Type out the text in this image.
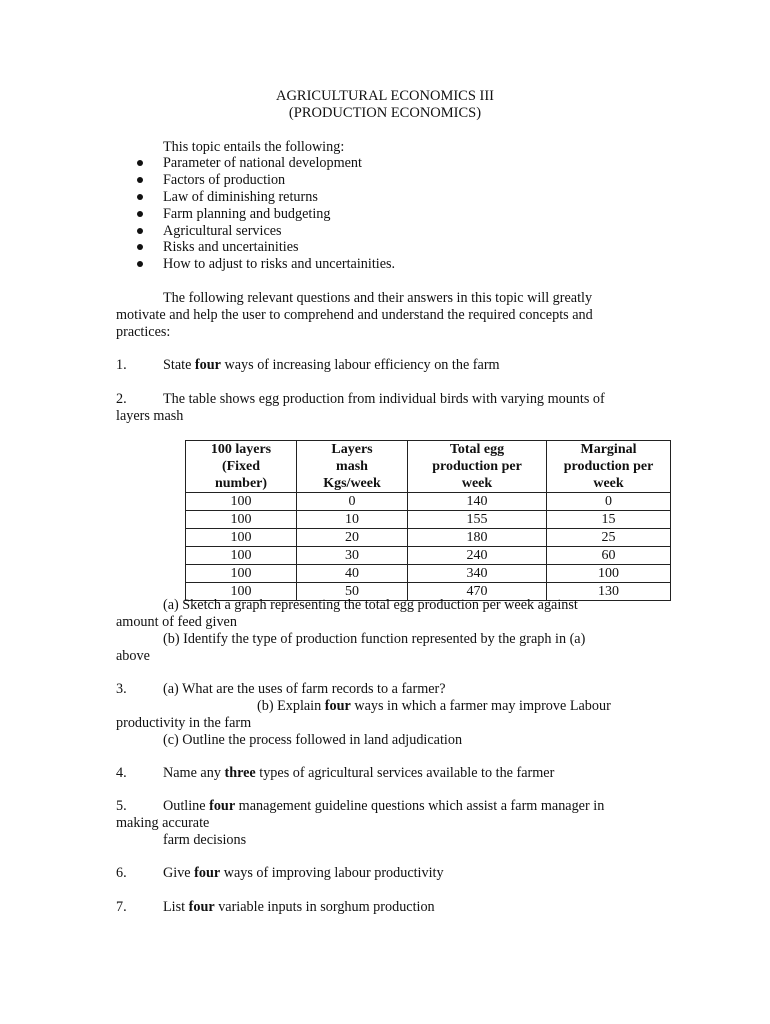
AGRICULTURAL ECONOMICS III
(PRODUCTION ECONOMICS)
This topic entails the following:
Parameter of national development
Factors of production
Law of diminishing returns
Farm planning and budgeting
Agricultural services
Risks and uncertainities
How to adjust to risks and uncertainities.
The following relevant questions and their answers in this topic will greatly
motivate and help the user to comprehend and understand the required concepts and
practices:
1.	State four ways of increasing labour efficiency on the farm
2.	The table shows egg production from individual birds with varying mounts of
layers mash
100 layers
(Fixed
number)	Layers
mash
Kgs/week	Total egg
production per
week	Marginal
production per
week
100	0	140	0
100	10	155	15
100	20	180	25
100	30	240	60
100	40	340	100
100	50	470	130
(a) Sketch a graph representing the total egg production per week against
amount of feed given
(b) Identify the type of production function represented by the graph in (a)
above
3.	(a) What are the uses of farm records to a farmer?
(b) Explain four ways in which a farmer may improve Labour
productivity in the farm
(c) Outline the process followed in land adjudication
4.	Name any three types of agricultural services available to the farmer
5.	Outline four management guideline questions which assist a farm manager in
making accurate
farm decisions
6.	Give four ways of improving labour productivity
7.	List four variable inputs in sorghum production
